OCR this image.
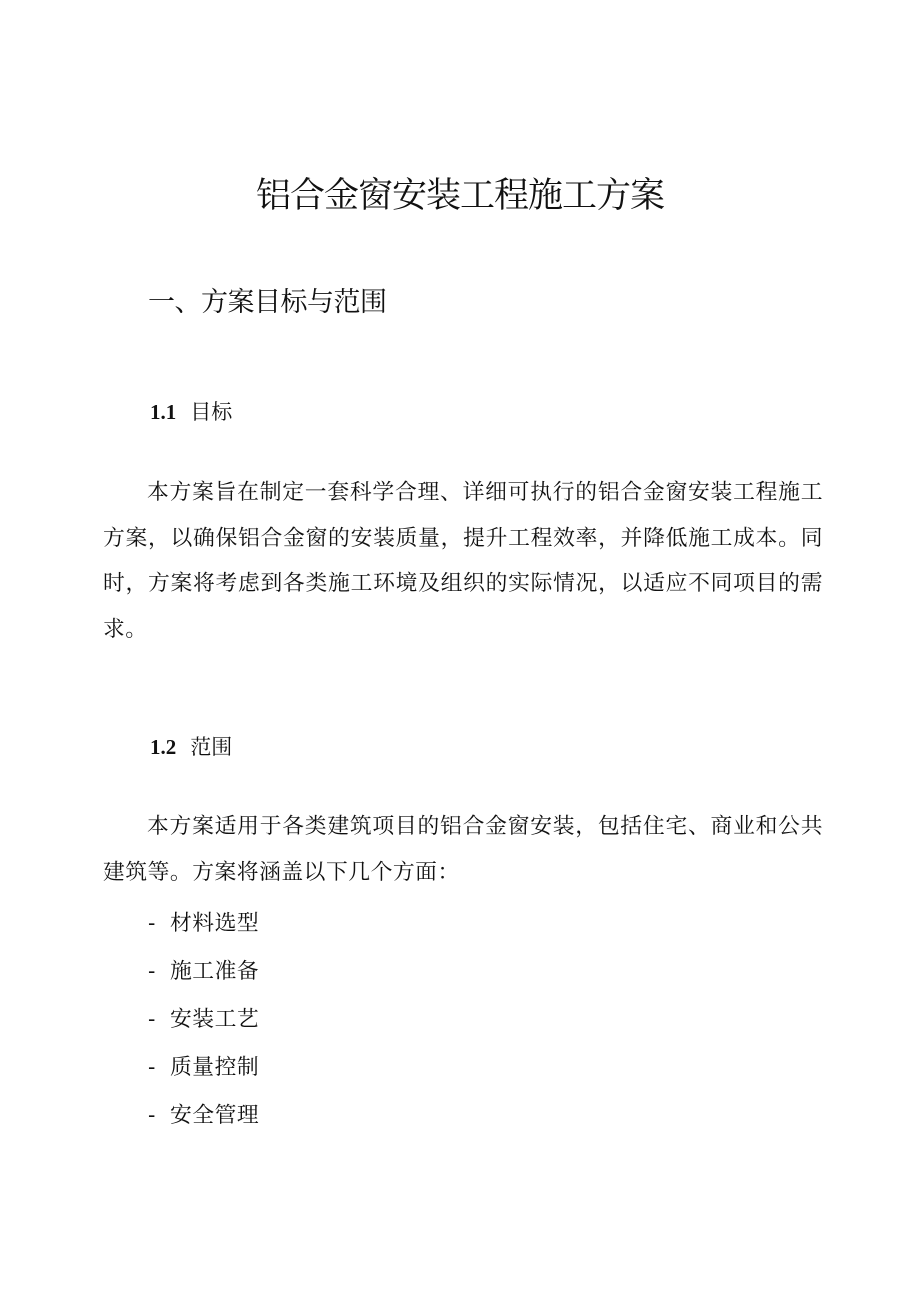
铝合金窗安装工程施工方案
一、方案目标与范围
1.1 目标

本方案旨在制定一套科学合理、详细可执行的铝合金窗安装工程施工方案，以确保铝合金窗的安装质量，提升工程效率，并降低施工成本。同时，方案将考虑到各类施工环境及组织的实际情况，以适应不同项目的需求。

1.2 范围

本方案适用于各类建筑项目的铝合金窗安装，包括住宅、商业和公共建筑等。方案将涵盖以下几个方面：

- 材料选型
- 施工准备
- 安装工艺
- 质量控制
- 安全管理
